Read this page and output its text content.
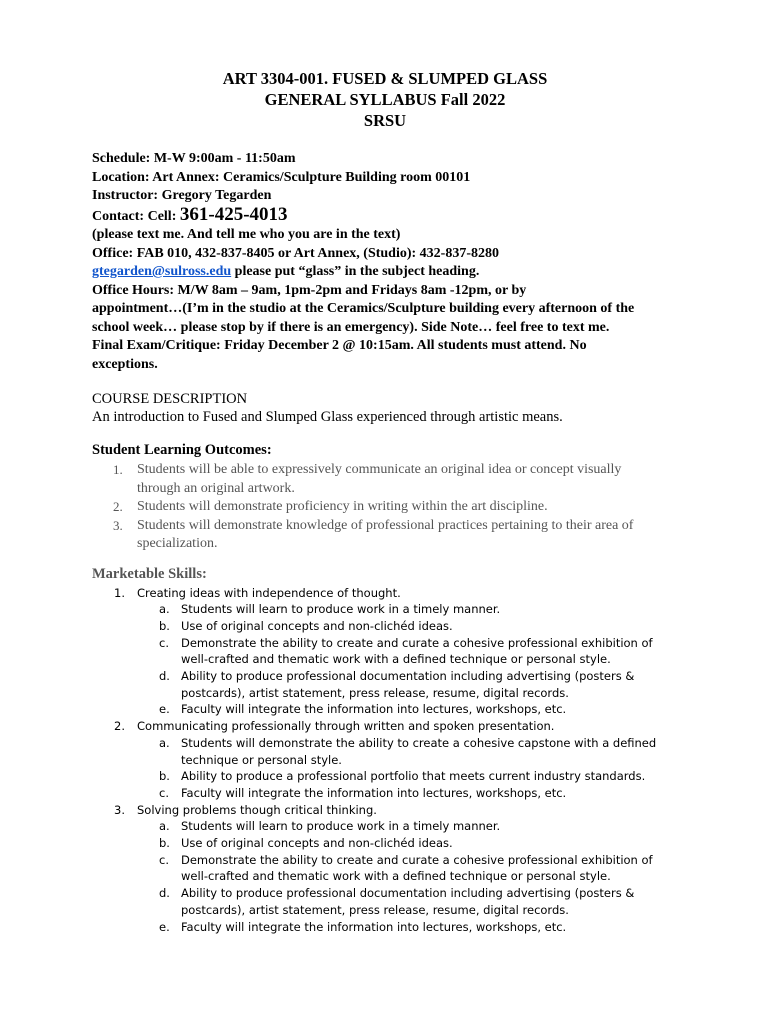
ART 3304-001. FUSED & SLUMPED GLASS
GENERAL SYLLABUS Fall 2022
SRSU
Schedule: M-W 9:00am - 11:50am
Location: Art Annex: Ceramics/Sculpture Building room 00101
Instructor: Gregory Tegarden
Contact: Cell: 361-425-4013
(please text me. And tell me who you are in the text)
Office: FAB 010, 432-837-8405 or Art Annex, (Studio): 432-837-8280
gtegarden@sulross.edu please put “glass” in the subject heading.
Office Hours: M/W 8am – 9am, 1pm-2pm and Fridays 8am -12pm, or by
appointment…(I’m in the studio at the Ceramics/Sculpture building every afternoon of the
school week… please stop by if there is an emergency). Side Note… feel free to text me.
Final Exam/Critique: Friday December 2 @ 10:15am. All students must attend. No
exceptions.
COURSE DESCRIPTION
An introduction to Fused and Slumped Glass experienced through artistic means.
Student Learning Outcomes:
1. Students will be able to expressively communicate an original idea or concept visually
through an original artwork.
2. Students will demonstrate proficiency in writing within the art discipline.
3. Students will demonstrate knowledge of professional practices pertaining to their area of
specialization.
Marketable Skills:
1. Creating ideas with independence of thought.
a. Students will learn to produce work in a timely manner.
b. Use of original concepts and non-clichéd ideas.
c. Demonstrate the ability to create and curate a cohesive professional exhibition of
well-crafted and thematic work with a defined technique or personal style.
d. Ability to produce professional documentation including advertising (posters &
postcards), artist statement, press release, resume, digital records.
e. Faculty will integrate the information into lectures, workshops, etc.
2. Communicating professionally through written and spoken presentation.
a. Students will demonstrate the ability to create a cohesive capstone with a defined
technique or personal style.
b. Ability to produce a professional portfolio that meets current industry standards.
c. Faculty will integrate the information into lectures, workshops, etc.
3. Solving problems though critical thinking.
a. Students will learn to produce work in a timely manner.
b. Use of original concepts and non-clichéd ideas.
c. Demonstrate the ability to create and curate a cohesive professional exhibition of
well-crafted and thematic work with a defined technique or personal style.
d. Ability to produce professional documentation including advertising (posters &
postcards), artist statement, press release, resume, digital records.
e. Faculty will integrate the information into lectures, workshops, etc.
